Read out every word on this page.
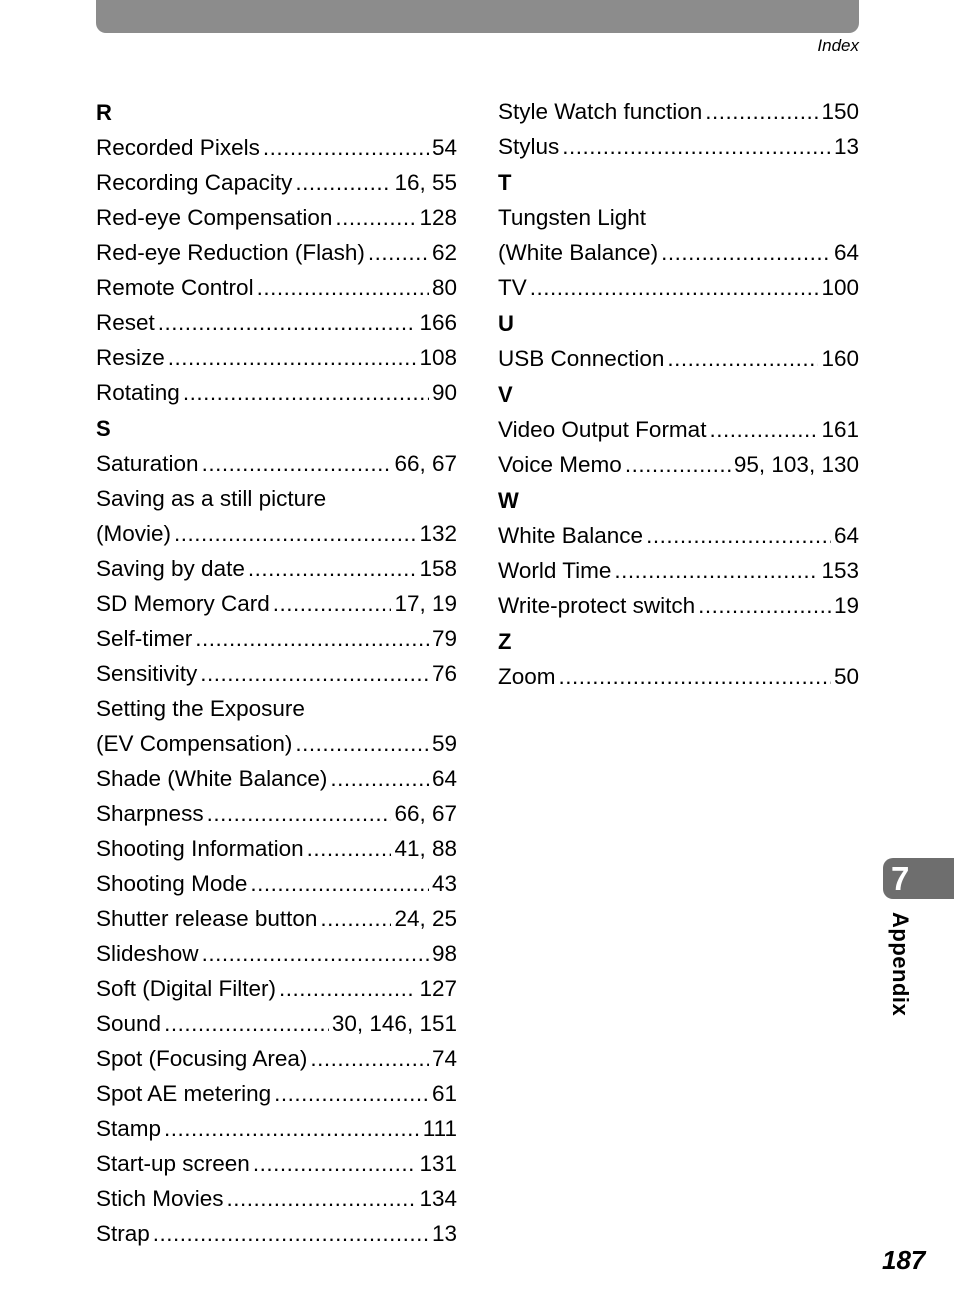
Index
R
Recorded Pixels .....	54
Recording Capacity .....	16, 55
Red-eye Compensation .....	128
Red-eye Reduction (Flash) .....	62
Remote Control .....	80
Reset .....	166
Resize .....	108
Rotating .....	90
S
Saturation .....	66, 67
Saving as a still picture
(Movie) .....	132
Saving by date .....	158
SD Memory Card .....	17, 19
Self-timer .....	79
Sensitivity .....	76
Setting the Exposure
(EV Compensation) .....	59
Shade (White Balance) .....	64
Sharpness .....	66, 67
Shooting Information .....	41, 88
Shooting Mode .....	43
Shutter release button .....	24, 25
Slideshow .....	98
Soft (Digital Filter) .....	127
Sound .....	30, 146, 151
Spot (Focusing Area) .....	74
Spot AE metering .....	61
Stamp .....	111
Start-up screen .....	131
Stich Movies .....	134
Strap .....	13
Style Watch function .....	150
Stylus .....	13
T
Tungsten Light
(White Balance) .....	64
TV .....	100
U
USB Connection .....	160
V
Video Output Format .....	161
Voice Memo .....	95, 103, 130
W
White Balance .....	64
World Time .....	153
Write-protect switch .....	19
Z
Zoom .....	50
7
Appendix
187
